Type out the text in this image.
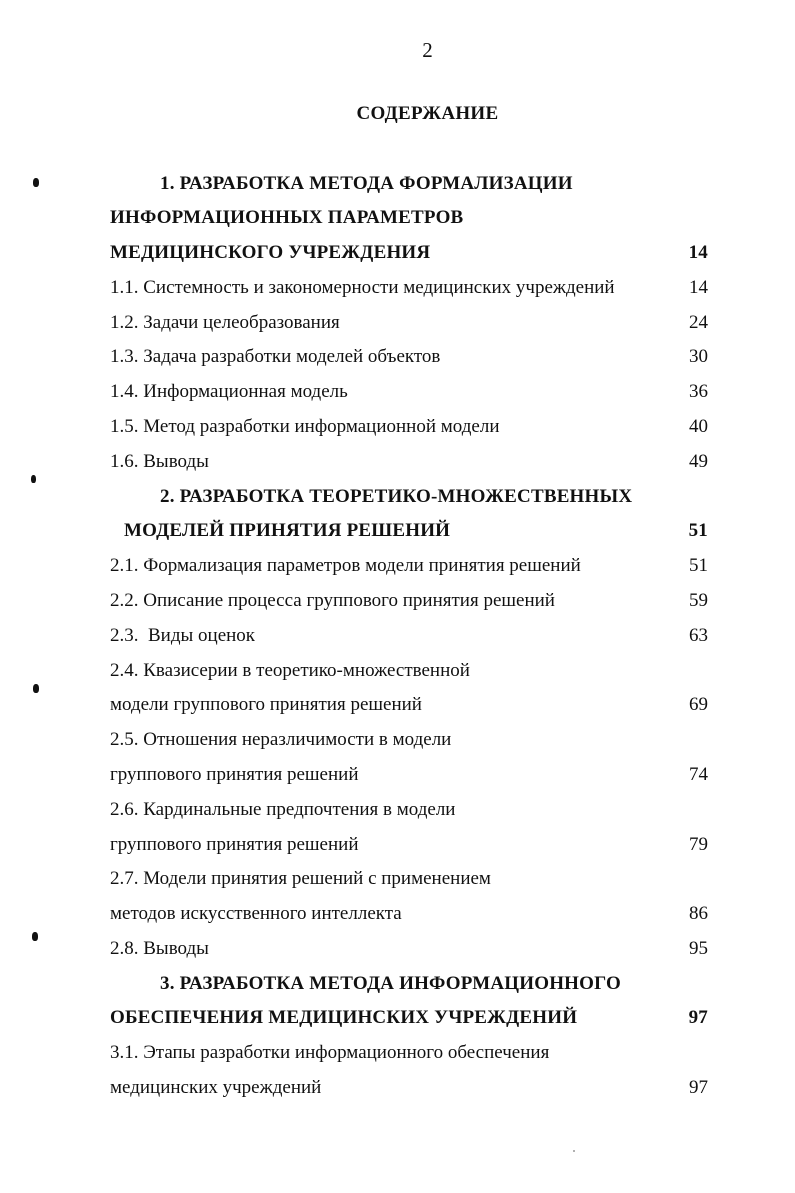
2
СОДЕРЖАНИЕ
1. РАЗРАБОТКА МЕТОДА ФОРМАЛИЗАЦИИ
ИНФОРМАЦИОННЫХ ПАРАМЕТРОВ
МЕДИЦИНСКОГО УЧРЕЖДЕНИЯ	14
1.1. Системность и закономерности медицинских учреждений	14
1.2. Задачи целеобразования	24
1.3. Задача разработки моделей объектов	30
1.4. Информационная модель	36
1.5. Метод разработки информационной модели	40
1.6. Выводы	49
2. РАЗРАБОТКА ТЕОРЕТИКО-МНОЖЕСТВЕННЫХ
МОДЕЛЕЙ ПРИНЯТИЯ РЕШЕНИЙ	51
2.1. Формализация параметров модели принятия решений	51
2.2. Описание процесса группового принятия решений	59
2.3.  Виды оценок	63
2.4. Квазисерии в теоретико-множественной
модели группового принятия решений	69
2.5. Отношения неразличимости в модели
группового принятия решений	74
2.6. Кардинальные предпочтения в модели
группового принятия решений	79
2.7. Модели принятия решений с применением
методов искусственного интеллекта	86
2.8. Выводы	95
3. РАЗРАБОТКА МЕТОДА ИНФОРМАЦИОННОГО
ОБЕСПЕЧЕНИЯ МЕДИЦИНСКИХ УЧРЕЖДЕНИЙ	97
3.1. Этапы разработки информационного обеспечения
медицинских учреждений	97
